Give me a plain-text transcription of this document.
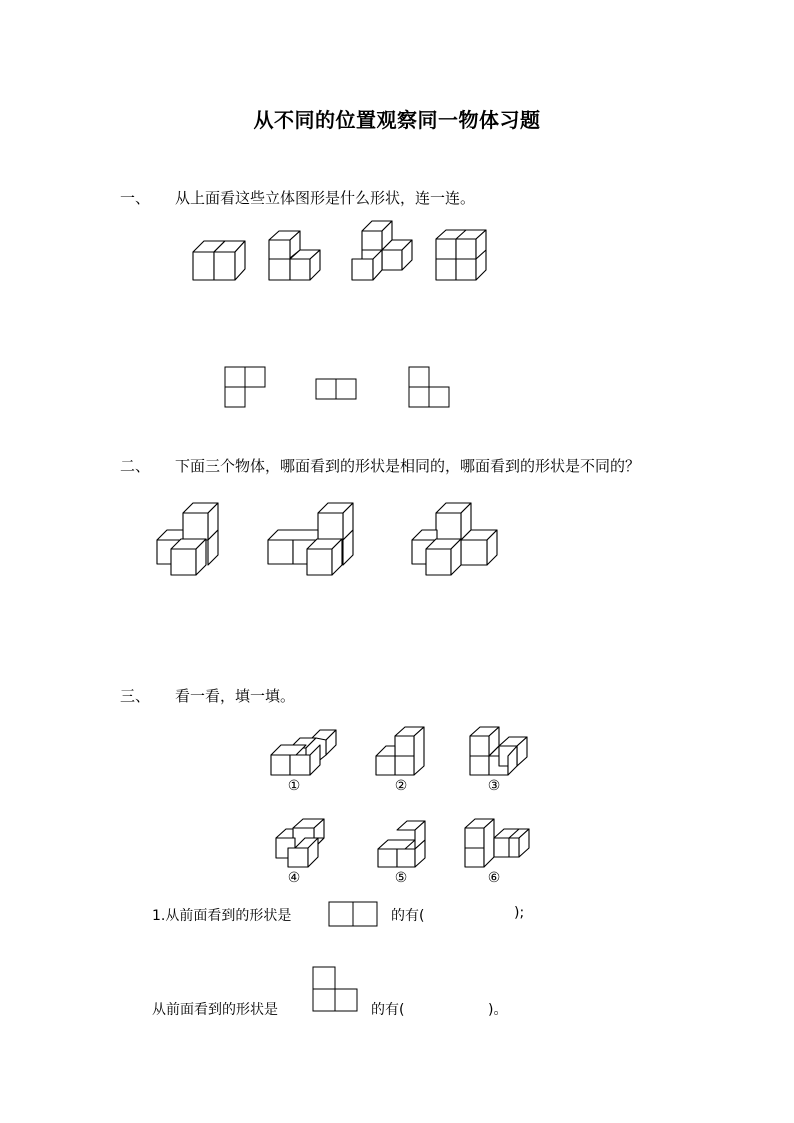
从不同的位置观察同一物体习题
一、 从上面看这些立体图形是什么形状，连一连。
二、 下面三个物体，哪面看到的形状是相同的，哪面看到的形状是不同的？
三、 看一看，填一填。
①	②	③
④	⑤	⑥
1.从前面看到的形状是	的有(	);
从前面看到的形状是	的有(	)。
